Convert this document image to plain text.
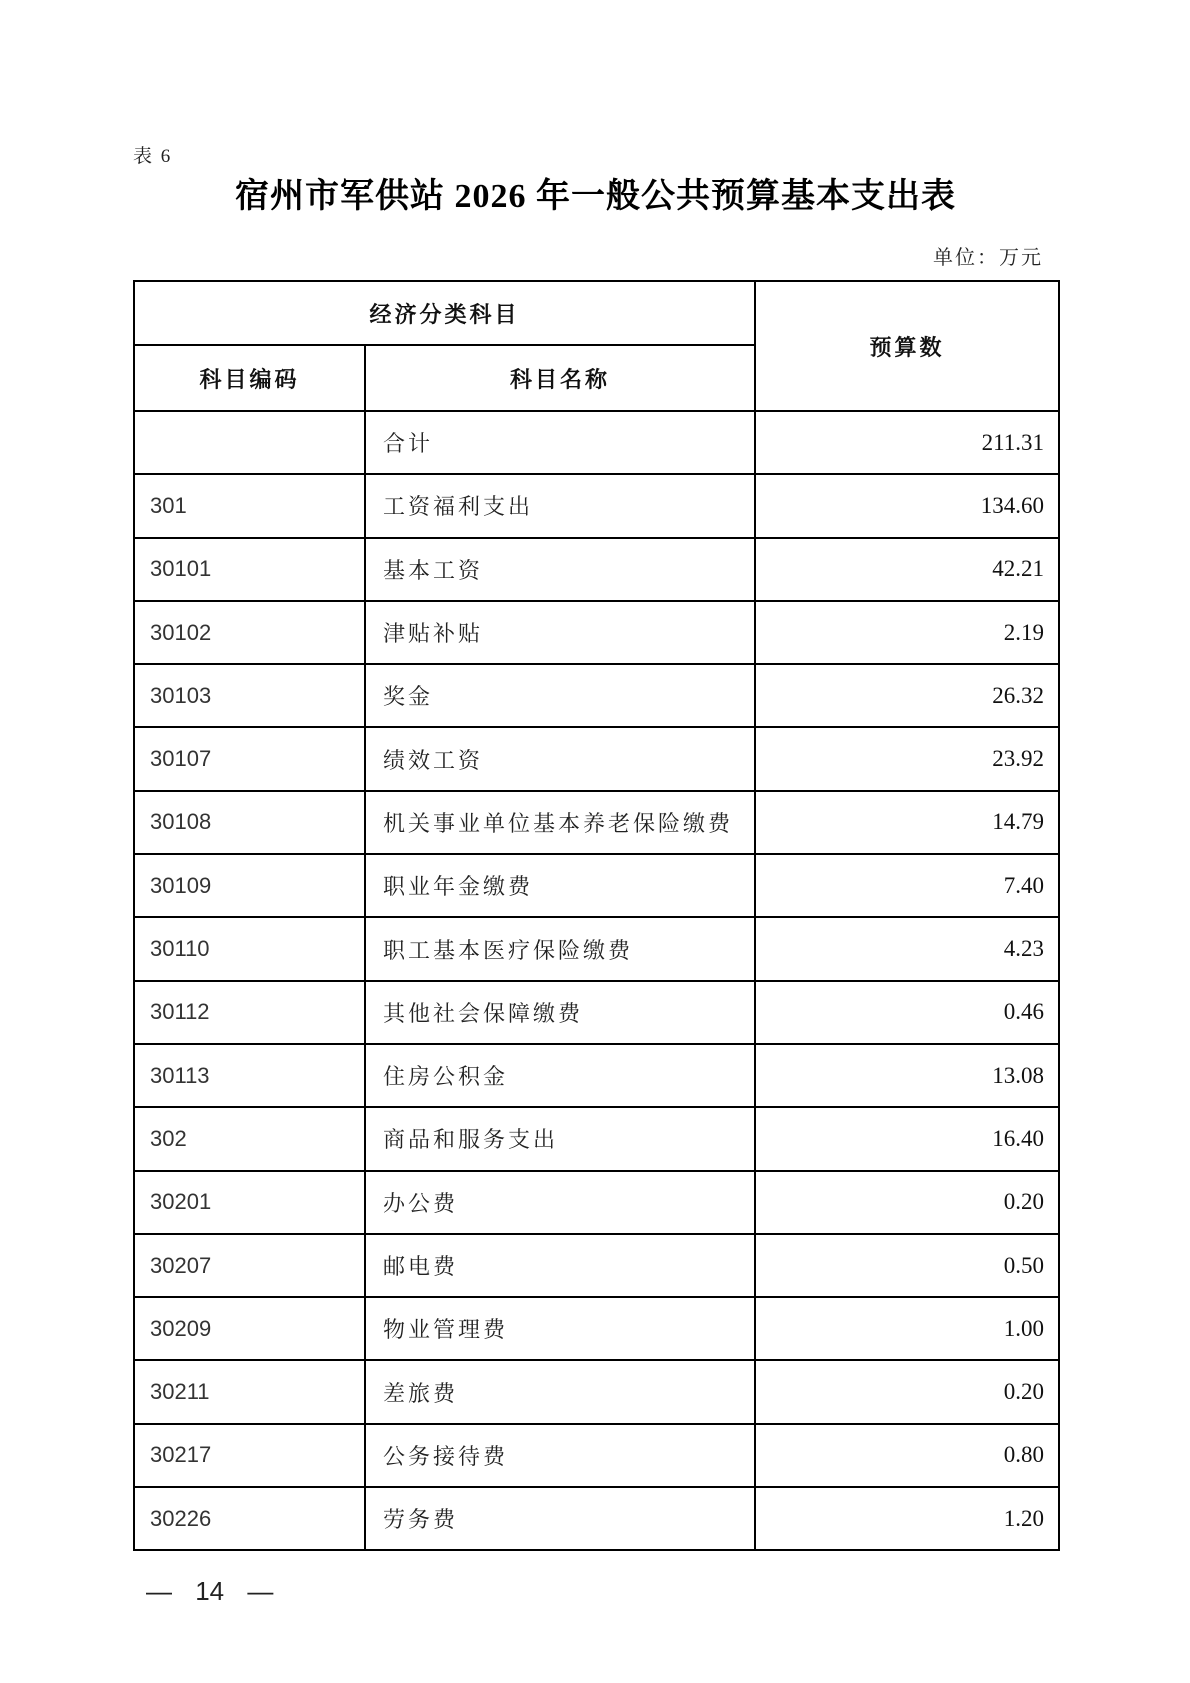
表 6
宿州市军供站 2026 年一般公共预算基本支出表
单位：万元
经济分类科目		预算数
科目编码	科目名称	
	合计	211.31
301	工资福利支出	134.60
30101	基本工资	42.21
30102	津贴补贴	2.19
30103	奖金	26.32
30107	绩效工资	23.92
30108	机关事业单位基本养老保险缴费	14.79
30109	职业年金缴费	7.40
30110	职工基本医疗保险缴费	4.23
30112	其他社会保障缴费	0.46
30113	住房公积金	13.08
302	商品和服务支出	16.40
30201	办公费	0.20
30207	邮电费	0.50
30209	物业管理费	1.00
30211	差旅费	0.20
30217	公务接待费	0.80
30226	劳务费	1.20
— 14 —
